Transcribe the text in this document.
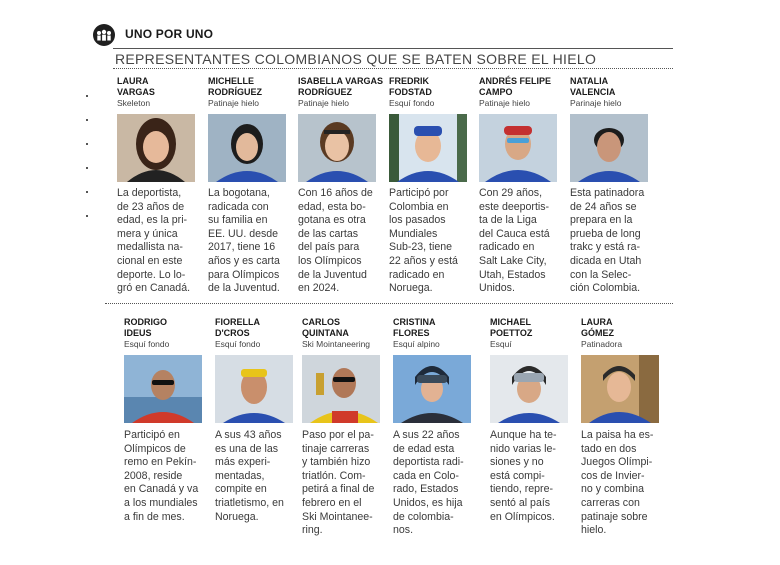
UNO POR UNO
REPRESENTANTES COLOMBIANOS QUE SE BATEN SOBRE EL HIELO
LAURA
VARGAS
Skeleton
La deportista,
de 23 años de
edad, es la pri-
mera y única
medallista na-
cional en este
deporte. Lo lo-
gró en Canadá.
MICHELLE
RODRÍGUEZ
Patinaje hielo
La bogotana,
radicada con
su familia en
EE. UU. desde
2017, tiene 16
años y es carta
para Olímpicos
de la Juventud.
ISABELLA VARGAS
RODRÍGUEZ
Patinaje hielo
Con 16 años de
edad, esta bo-
gotana es otra
de las cartas
del país para
los Olímpicos
de la Juventud
en 2024.
FREDRIK
FODSTAD
Esquí fondo
Participó por
Colombia en
los pasados
Mundiales
Sub-23, tiene
22 años y está
radicado en
Noruega.
ANDRÉS FELIPE
CAMPO
Patinaje hielo
Con 29 años,
este deeportis-
ta de la Liga
del Cauca está
radicado en
Salt Lake City,
Utah, Estados
Unidos.
NATALIA
VALENCIA
Parinaje hielo
Esta patinadora
de 24 años se
prepara en la
prueba de long
trakc y está ra-
dicada en Utah
con la Selec-
ción Colombia.
RODRIGO
IDEUS
Esquí fondo
Participó en
Olímpicos de
remo en Pekín-
2008, reside
en Canadá y va
a los mundiales
a fin de mes.
FIORELLA
D'CROS
Esquí fondo
A sus 43 años
es una de las
más experi-
mentadas,
compite en
triatletismo, en
Noruega.
CARLOS
QUINTANA
Ski Mointaneering
Paso por el pa-
tinaje carreras
y también hizo
triatlón. Com-
petirá a final de
febrero en el
Ski Mointanee-
ring.
CRISTINA
FLORES
Esquí alpino
A sus 22 años
de edad esta
deportista radi-
cada en Colo-
rado, Estados
Unidos, es hija
de colombia-
nos.
MICHAEL
POETTOZ
Esquí
Aunque ha te-
nido varias le-
siones y no
está compi-
tiendo, repre-
sentó al país
en Olímpicos.
LAURA
GÓMEZ
Patinadora
La paisa ha es-
tado en dos
Juegos Olímpi-
cos de Invier-
no y combina
carreras con
patinaje sobre
hielo.
